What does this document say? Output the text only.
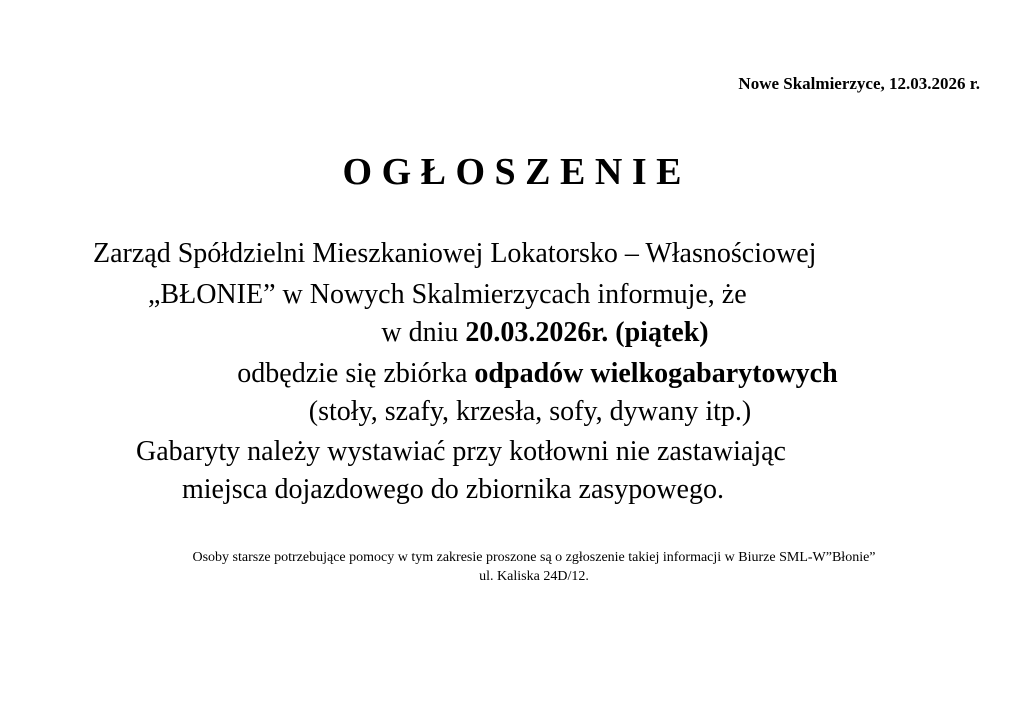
Nowe Skalmierzyce, 12.03.2026 r.
O G Ł O S Z E N I E
Zarząd Spółdzielni Mieszkaniowej Lokatorsko – Własnościowej
„BŁONIE” w Nowych Skalmierzycach informuje, że
w dniu 20.03.2026r. (piątek)
odbędzie się zbiórka odpadów wielkogabarytowych
(stoły, szafy, krzesła, sofy, dywany itp.)
Gabaryty należy wystawiać przy kotłowni nie zastawiając
miejsca dojazdowego do zbiornika zasypowego.
Osoby starsze potrzebujące pomocy w tym zakresie proszone są o zgłoszenie takiej informacji w Biurze SML-W”Błonie”
ul. Kaliska 24D/12.
